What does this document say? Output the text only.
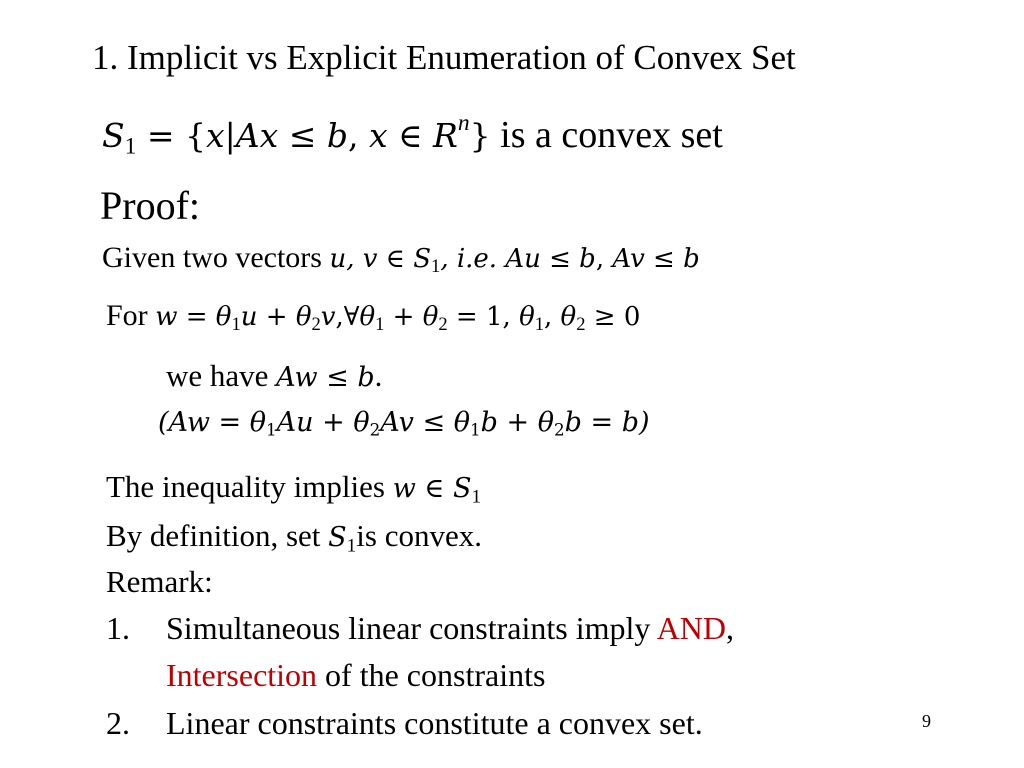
1. Implicit vs Explicit Enumeration of Convex Set
$S_1 = \{x|Ax \le b$, x ∈ $R^n$} is a convex set
Proof:
Given two vectors u, v ∈ $S_1$, i.e. Au ≤ b, Av ≤ b
For $w = \theta_1u$ + $\theta_2v,\forall\theta_1 + \theta_2 = 1$, $\theta_1$, $\theta_2 \ge 0$
we have Aw ≤ b.
$(Aw = \theta_1Au + \theta_2Av \le \theta_1b + \theta_2b = b)$
The inequality implies w ∈ $S_1$
By definition, set $S_1is$ convex.
Remark:
1. Simultaneous linear constraints imply AND,
Intersection of the constraints
2. Linear constraints constitute a convex set.	9
